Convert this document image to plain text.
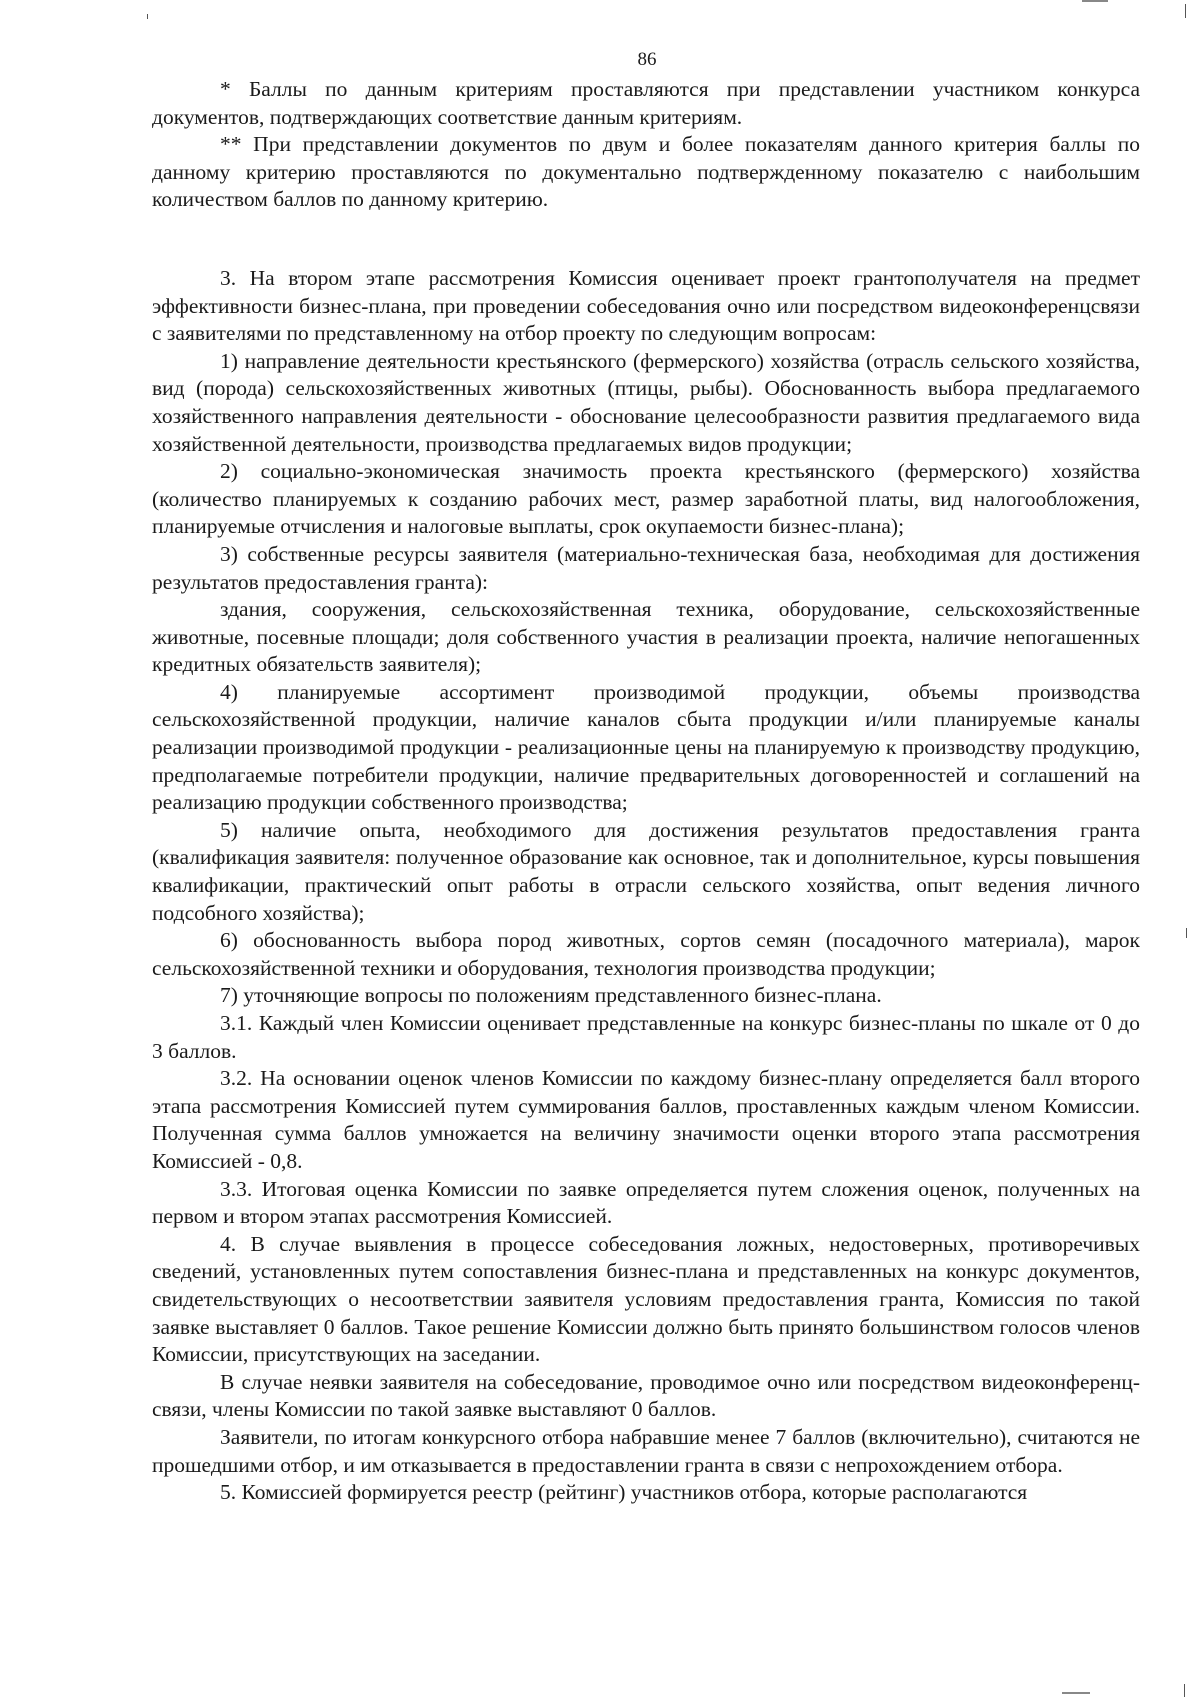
86

* Баллы по данным критериям проставляются при представлении участником конкурса документов, подтверждающих соответствие данным критериям.

** При представлении документов по двум и более показателям данного критерия баллы по данному критерию проставляются по документально подтвержденному показателю с наибольшим количеством баллов по данному критерию.

3. На втором этапе рассмотрения Комиссия оценивает проект грантополучателя на предмет эффективности бизнес-плана, при проведении собеседования очно или посредством видеоконференцсвязи с заявителями по представленному на отбор проекту по следующим вопросам:

1) направление деятельности крестьянского (фермерского) хозяйства (отрасль сельского хозяйства, вид (порода) сельскохозяйственных животных (птицы, рыбы). Обоснованность выбора предлагаемого хозяйственного направления деятельности - обоснование целесообразности развития предлагаемого вида хозяйственной деятельности, производства предлагаемых видов продукции;

2) социально-экономическая значимость проекта крестьянского (фермерского) хозяйства (количество планируемых к созданию рабочих мест, размер заработной платы, вид налогообложения, планируемые отчисления и налоговые выплаты, срок окупаемости бизнес-плана);

3) собственные ресурсы заявителя (материально-техническая база, необходимая для достижения результатов предоставления гранта):

здания, сооружения, сельскохозяйственная техника, оборудование, сельскохозяйственные животные, посевные площади; доля собственного участия в реализации проекта, наличие непогашенных кредитных обязательств заявителя);

4) планируемые ассортимент производимой продукции, объемы производства сельскохозяйственной продукции, наличие каналов сбыта продукции и/или планируемые каналы реализации производимой продукции - реализационные цены на планируемую к производству продукцию, предполагаемые потребители продукции, наличие предварительных договоренностей и соглашений на реализацию продукции собственного производства;

5) наличие опыта, необходимого для достижения результатов предоставления гранта (квалификация заявителя: полученное образование как основное, так и дополнительное, курсы повышения квалификации, практический опыт работы в отрасли сельского хозяйства, опыт ведения личного подсобного хозяйства);

6) обоснованность выбора пород животных, сортов семян (посадочного материала), марок сельскохозяйственной техники и оборудования, технология производства продукции;

7) уточняющие вопросы по положениям представленного бизнес-плана.

3.1. Каждый член Комиссии оценивает представленные на конкурс бизнес-планы по шкале от 0 до 3 баллов.

3.2. На основании оценок членов Комиссии по каждому бизнес-плану определяется балл второго этапа рассмотрения Комиссией путем суммирования баллов, проставленных каждым членом Комиссии. Полученная сумма баллов умножается на величину значимости оценки второго этапа рассмотрения Комиссией - 0,8.

3.3. Итоговая оценка Комиссии по заявке определяется путем сложения оценок, полученных на первом и втором этапах рассмотрения Комиссией.

4. В случае выявления в процессе собеседования ложных, недостоверных, противоречивых сведений, установленных путем сопоставления бизнес-плана и представленных на конкурс документов, свидетельствующих о несоответствии заявителя условиям предоставления гранта, Комиссия по такой заявке выставляет 0 баллов. Такое решение Комиссии должно быть принято большинством голосов членов Комиссии, присутствующих на заседании.

В случае неявки заявителя на собеседование, проводимое очно или посредством видеоконференц-связи, члены Комиссии по такой заявке выставляют 0 баллов.

Заявители, по итогам конкурсного отбора набравшие менее 7 баллов (включительно), считаются не прошедшими отбор, и им отказывается в предоставлении гранта в связи с непрохождением отбора.

5. Комиссией формируется реестр (рейтинг) участников отбора, которые располагаются
